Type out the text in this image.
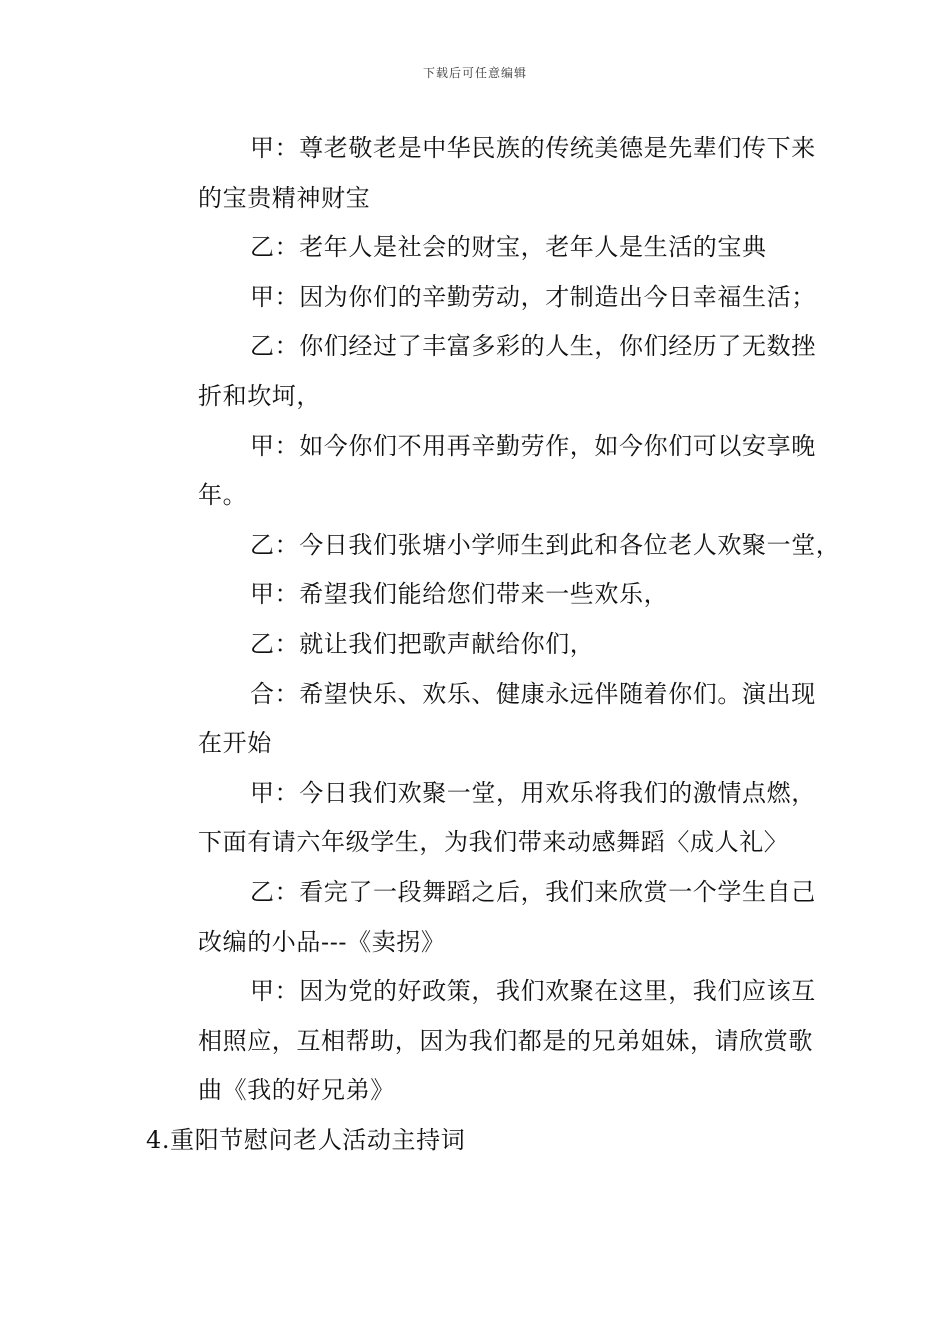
下载后可任意编辑
甲：尊老敬老是中华民族的传统美德是先辈们传下来
的宝贵精神财宝
乙：老年人是社会的财宝，老年人是生活的宝典
甲：因为你们的辛勤劳动，才制造出今日幸福生活；
乙：你们经过了丰富多彩的人生，你们经历了无数挫
折和坎坷，
甲：如今你们不用再辛勤劳作，如今你们可以安享晚
年。
乙：今日我们张塘小学师生到此和各位老人欢聚一堂，
甲：希望我们能给您们带来一些欢乐，
乙：就让我们把歌声献给你们，
合：希望快乐、欢乐、健康永远伴随着你们。演出现
在开始
甲：今日我们欢聚一堂，用欢乐将我们的激情点燃，
下面有请六年级学生，为我们带来动感舞蹈〈成人礼〉
乙：看完了一段舞蹈之后，我们来欣赏一个学生自己
改编的小品---《卖拐》
甲：因为党的好政策，我们欢聚在这里，我们应该互
相照应，互相帮助，因为我们都是的兄弟姐妹，请欣赏歌
曲《我的好兄弟》
4.重阳节慰问老人活动主持词
